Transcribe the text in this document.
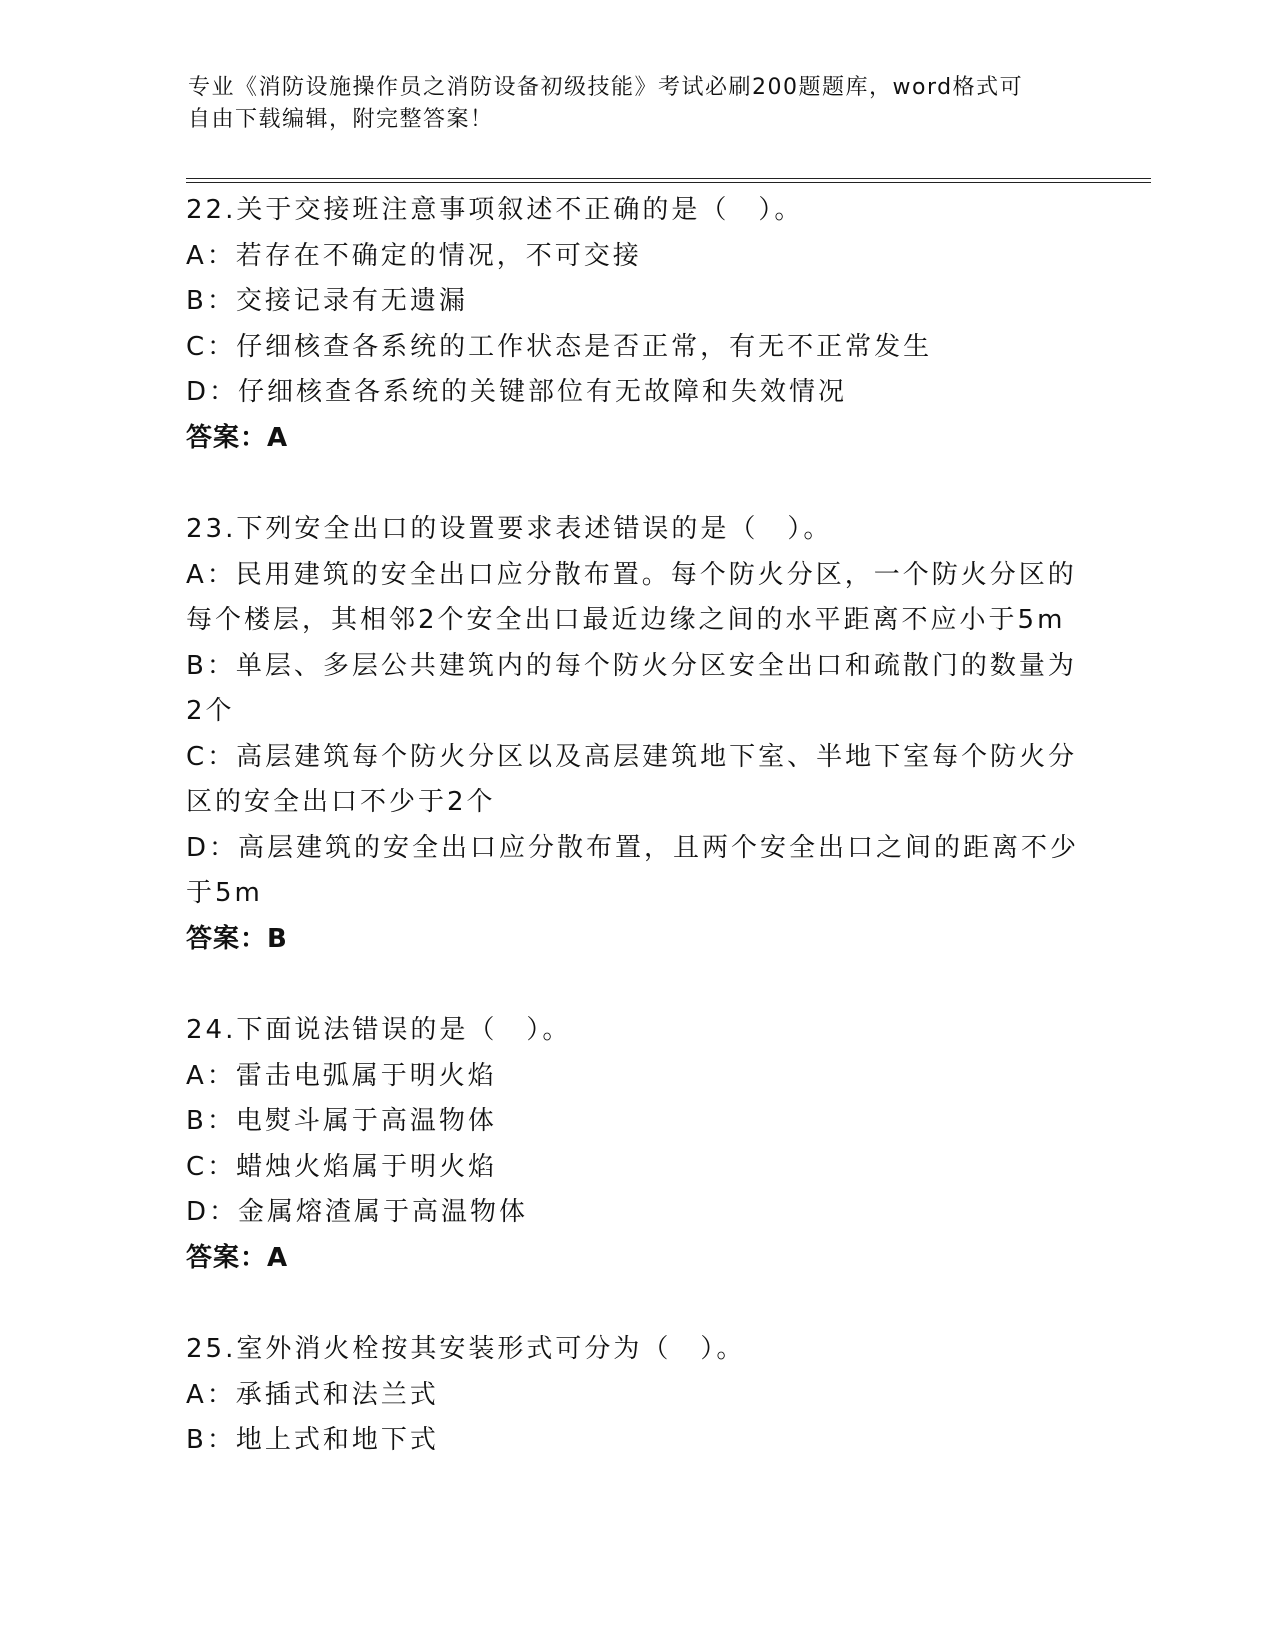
专业《消防设施操作员之消防设备初级技能》考试必刷200题题库，word格式可
自由下载编辑，附完整答案！
22.关于交接班注意事项叙述不正确的是（　）。
A：若存在不确定的情况，不可交接
B：交接记录有无遗漏
C：仔细核查各系统的工作状态是否正常，有无不正常发生
D：仔细核查各系统的关键部位有无故障和失效情况
答案：A
23.下列安全出口的设置要求表述错误的是（　）。
A：民用建筑的安全出口应分散布置。每个防火分区，一个防火分区的
每个楼层，其相邻2个安全出口最近边缘之间的水平距离不应小于5m
B：单层、多层公共建筑内的每个防火分区安全出口和疏散门的数量为
2个
C：高层建筑每个防火分区以及高层建筑地下室、半地下室每个防火分
区的安全出口不少于2个
D：高层建筑的安全出口应分散布置，且两个安全出口之间的距离不少
于5m
答案：B
24.下面说法错误的是（　）。
A：雷击电弧属于明火焰
B：电熨斗属于高温物体
C：蜡烛火焰属于明火焰
D：金属熔渣属于高温物体
答案：A
25.室外消火栓按其安装形式可分为（　）。
A：承插式和法兰式
B：地上式和地下式
